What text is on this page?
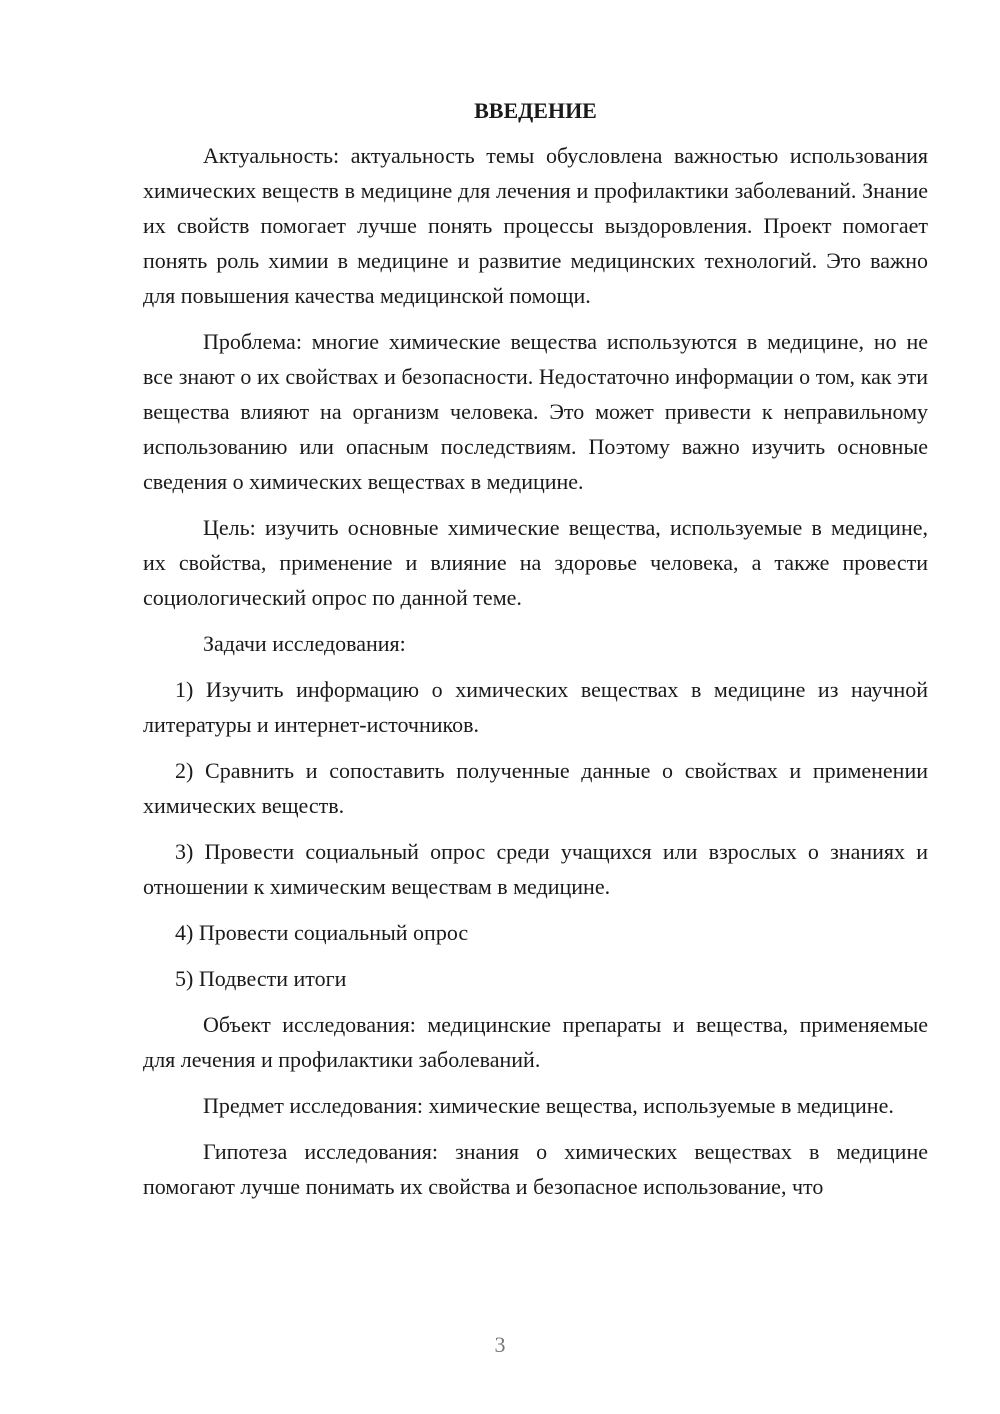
ВВЕДЕНИЕ

Актуальность: актуальность темы обусловлена важностью использования химических веществ в медицине для лечения и профилактики заболеваний. Знание их свойств помогает лучше понять процессы выздоровления. Проект помогает понять роль химии в медицине и развитие медицинских технологий. Это важно для повышения качества медицинской помощи.

Проблема: многие химические вещества используются в медицине, но не все знают о их свойствах и безопасности. Недостаточно информации о том, как эти вещества влияют на организм человека. Это может привести к неправильному использованию или опасным последствиям. Поэтому важно изучить основные сведения о химических веществах в медицине.

Цель: изучить основные химические вещества, используемые в медицине, их свойства, применение и влияние на здоровье человека, а также провести социологический опрос по данной теме.

Задачи исследования:

1) Изучить информацию о химических веществах в медицине из научной литературы и интернет-источников.

2) Сравнить и сопоставить полученные данные о свойствах и применении химических веществ.

3) Провести социальный опрос среди учащихся или взрослых о знаниях и отношении к химическим веществам в медицине.

4) Провести социальный опрос

5) Подвести итоги

Объект исследования: медицинские препараты и вещества, применяемые для лечения и профилактики заболеваний.

Предмет исследования: химические вещества, используемые в медицине.

Гипотеза исследования: знания о химических веществах в медицине помогают лучше понимать их свойства и безопасное использование, что

3
